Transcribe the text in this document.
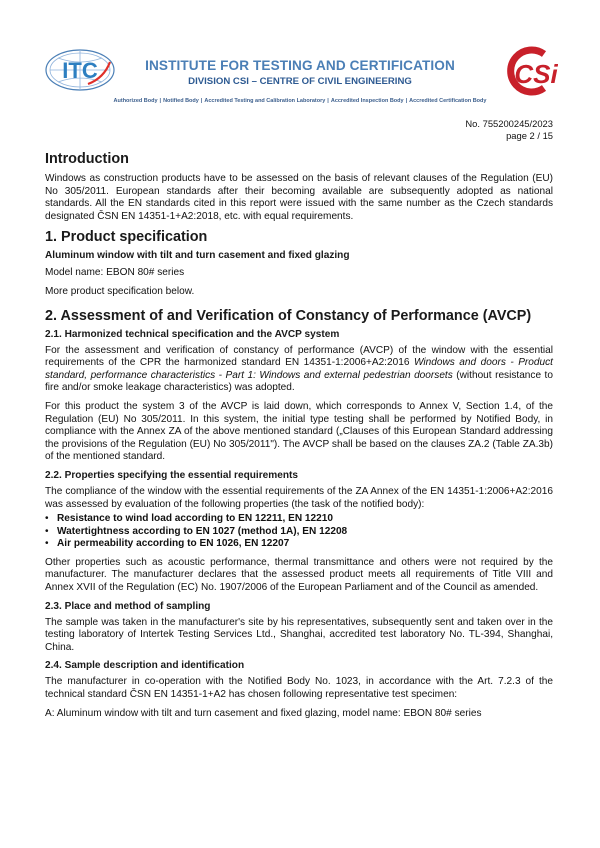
ITC	INSTITUTE FOR TESTING AND CERTIFICATION
DIVISION CSI – CENTRE OF CIVIL ENGINEERING	CSi
Authorized Body | Notified Body | Accredited Testing and Calibration Laboratory | Accredited Inspection Body | Accredited Certification Body
No. 755200245/2023
page 2 / 15
Introduction

Windows as construction products have to be assessed on the basis of relevant clauses of the Regulation (EU) No 305/2011. European standards after their becoming available are subsequently adopted as national standards. All the EN standards cited in this report were issued with the same number as the Czech standards designated ČSN EN 14351-1+A2:2018, etc. with equal requirements.

1. Product specification
Aluminum window with tilt and turn casement and fixed glazing

Model name: EBON 80# series

More product specification below.

2. Assessment of and Verification of Constancy of Performance (AVCP)
2.1. Harmonized technical specification and the AVCP system

For the assessment and verification of constancy of performance (AVCP) of the window with the essential requirements of the CPR the harmonized standard EN 14351-1:2006+A2:2016 Windows and doors - Product standard, performance characteristics - Part 1: Windows and external pedestrian doorsets (without resistance to fire and/or smoke leakage characteristics) was adopted.

For this product the system 3 of the AVCP is laid down, which corresponds to Annex V, Section 1.4, of the Regulation (EU) No 305/2011. In this system, the initial type testing shall be performed by Notified Body, in compliance with the Annex ZA of the above mentioned standard („Clauses of this European Standard addressing the provisions of the Regulation (EU) No 305/2011"). The AVCP shall be based on the clauses ZA.2 (Table ZA.3b) of the mentioned standard.

2.2. Properties specifying the essential requirements

The compliance of the window with the essential requirements of the ZA Annex of the EN 14351-1:2006+A2:2016 was assessed by evaluation of the following properties (the task of the notified body):

• Resistance to wind load according to EN 12211, EN 12210
• Watertightness according to EN 1027 (method 1A), EN 12208
• Air permeability according to EN 1026, EN 12207

Other properties such as acoustic performance, thermal transmittance and others were not required by the manufacturer. The manufacturer declares that the assessed product meets all requirements of Title VIII and Annex XVII of the Regulation (EC) No. 1907/2006 of the European Parliament and of the Council as amended.

2.3. Place and method of sampling

The sample was taken in the manufacturer's site by his representatives, subsequently sent and taken over in the testing laboratory of Intertek Testing Services Ltd., Shanghai, accredited test laboratory No. TL-394, Shanghai, China.

2.4. Sample description and identification

The manufacturer in co-operation with the Notified Body No. 1023, in accordance with the Art. 7.2.3 of the technical standard ČSN EN 14351-1+A2 has chosen following representative test specimen:

A: Aluminum window with tilt and turn casement and fixed glazing, model name: EBON 80# series
